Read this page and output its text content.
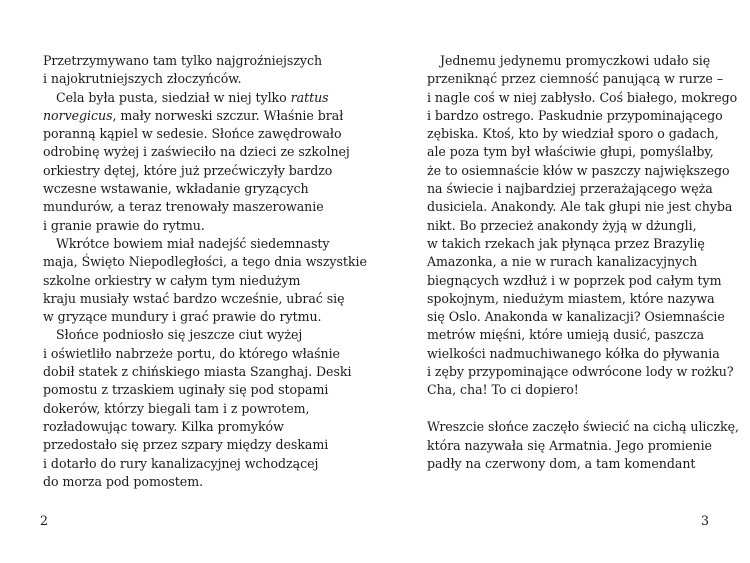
Przetrzymywano tam tylko najgroźniejszych
i najokrutniejszych złoczyńców.
Cela była pusta, siedział w niej tylko rattus
norvegicus, mały norweski szczur. Właśnie brał
poranną kąpiel w sedesie. Słońce zawędrowało
odrobinę wyżej i zaświeciło na dzieci ze szkolnej
orkiestry dętej, które już przećwiczyły bardzo
wczesne wstawanie, wkładanie gryzących
mundurów, a teraz trenowały maszerowanie
i granie prawie do rytmu.
Wkrótce bowiem miał nadejść siedemnasty
maja, Święto Niepodległości, a tego dnia wszystkie
szkolne orkiestry w całym tym niedużym
kraju musiały wstać bardzo wcześnie, ubrać się
w gryzące mundury i grać prawie do rytmu.
Słońce podniosło się jeszcze ciut wyżej
i oświetliło nabrzeże portu, do którego właśnie
dobił statek z chińskiego miasta Szanghaj. Deski
pomostu z trzaskiem uginały się pod stopami
dokerów, którzy biegali tam i z powrotem,
rozładowując towary. Kilka promyków
przedostało się przez szpary między deskami
i dotarło do rury kanalizacyjnej wchodzącej
do morza pod pomostem.
Jednemu jedynemu promyczkowi udało się
przeniknąć przez ciemność panującą w rurze –
i nagle coś w niej zabłysło. Coś białego, mokrego
i bardzo ostrego. Paskudnie przypominającego
zębiska. Ktoś, kto by wiedział sporo o gadach,
ale poza tym był właściwie głupi, pomyślałby,
że to osiemnaście kłów w paszczy największego
na świecie i najbardziej przerażającego węża
dusiciela. Anakondy. Ale tak głupi nie jest chyba
nikt. Bo przecież anakondy żyją w dżungli,
w takich rzekach jak płynąca przez Brazylię
Amazonka, a nie w rurach kanalizacyjnych
biegnących wzdłuż i w poprzek pod całym tym
spokojnym, niedużym miastem, które nazywa
się Oslo. Anakonda w kanalizacji? Osiemnaście
metrów mięśni, które umieją dusić, paszcza
wielkości nadmuchiwanego kółka do pływania
i zęby przypominające odwrócone lody w rożku?
Cha, cha! To ci dopiero!
Wreszcie słońce zaczęło świecić na cichą uliczkę,
która nazywała się Armatnia. Jego promienie
padły na czerwony dom, a tam komendant
2	3
